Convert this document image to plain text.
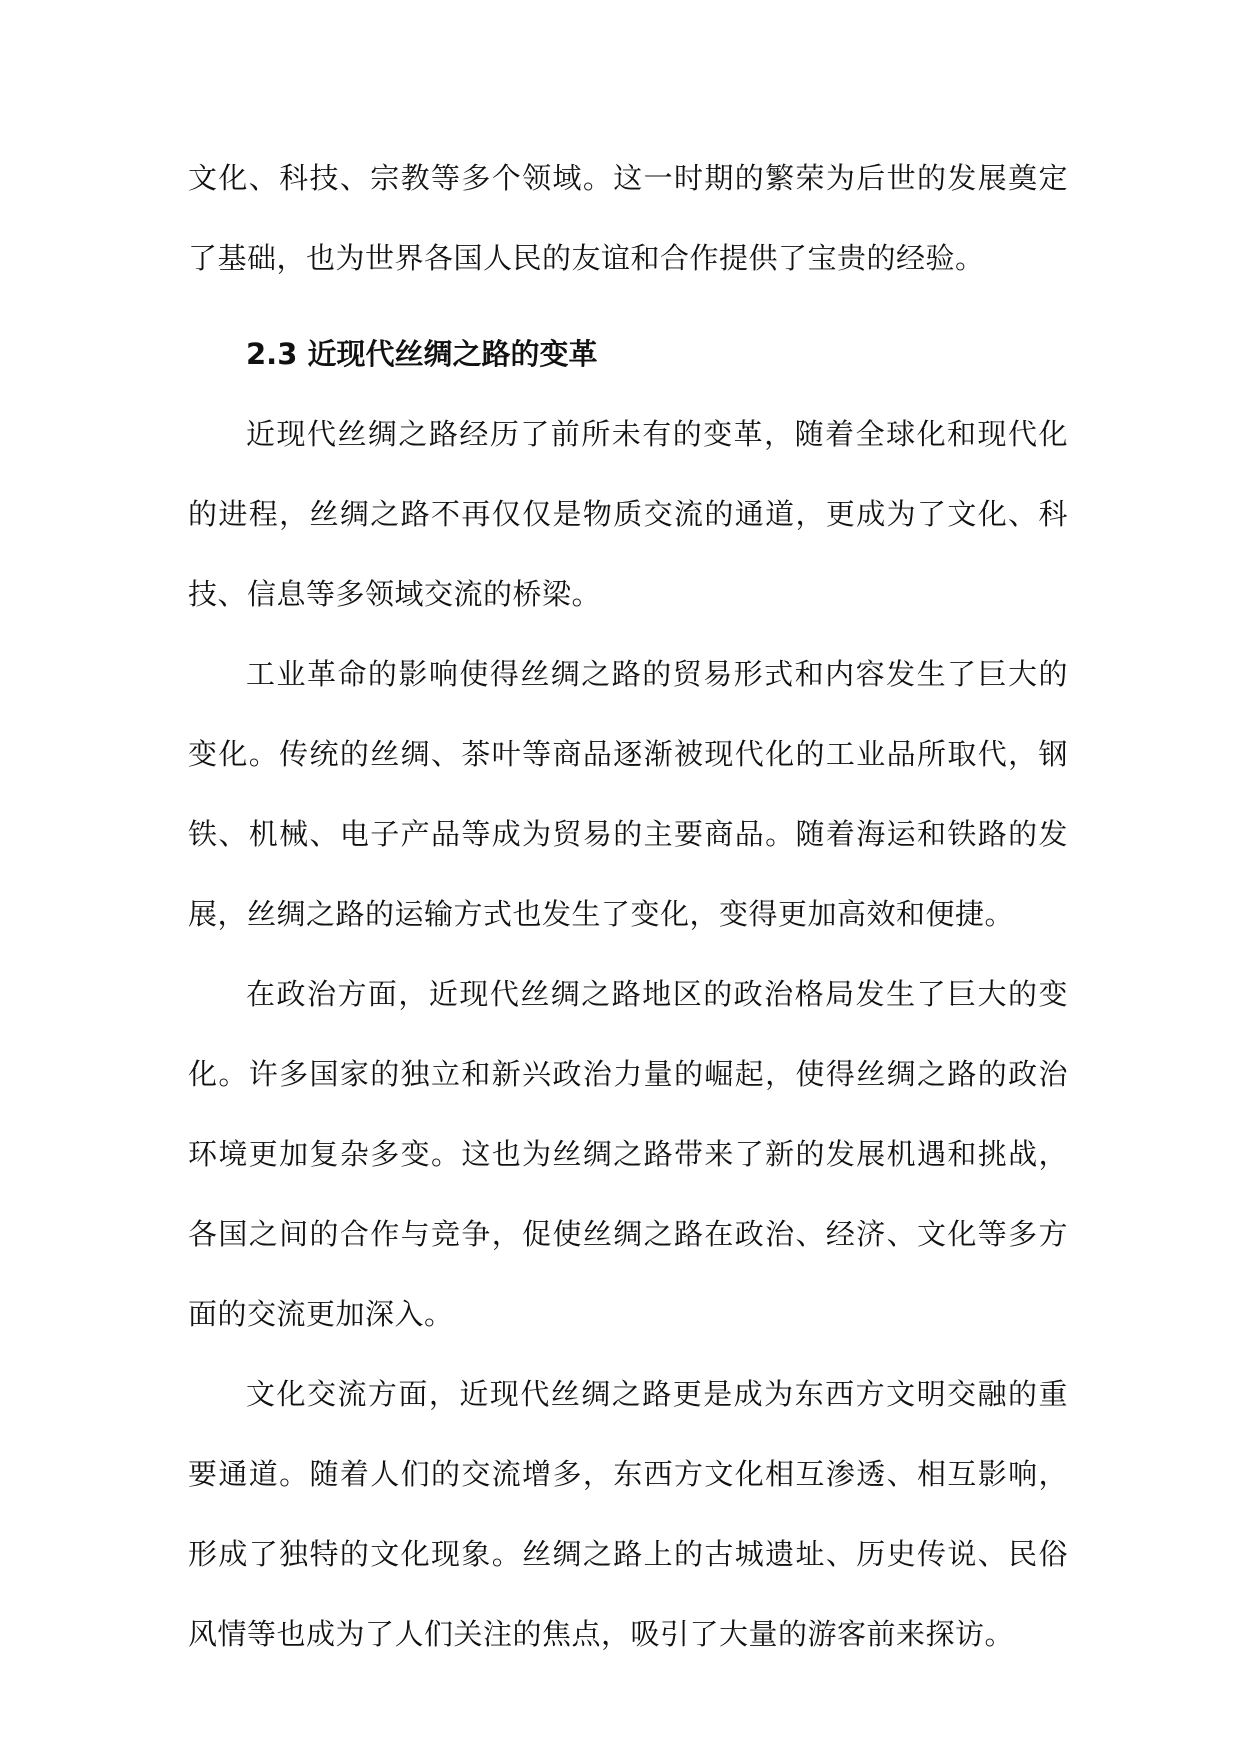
文化、科技、宗教等多个领域。这一时期的繁荣为后世的发展奠定了基础，也为世界各国人民的友谊和合作提供了宝贵的经验。

2.3 近现代丝绸之路的变革

近现代丝绸之路经历了前所未有的变革，随着全球化和现代化的进程，丝绸之路不再仅仅是物质交流的通道，更成为了文化、科技、信息等多领域交流的桥梁。

工业革命的影响使得丝绸之路的贸易形式和内容发生了巨大的变化。传统的丝绸、茶叶等商品逐渐被现代化的工业品所取代，钢铁、机械、电子产品等成为贸易的主要商品。随着海运和铁路的发展，丝绸之路的运输方式也发生了变化，变得更加高效和便捷。

在政治方面，近现代丝绸之路地区的政治格局发生了巨大的变化。许多国家的独立和新兴政治力量的崛起，使得丝绸之路的政治环境更加复杂多变。这也为丝绸之路带来了新的发展机遇和挑战，各国之间的合作与竞争，促使丝绸之路在政治、经济、文化等多方面的交流更加深入。

文化交流方面，近现代丝绸之路更是成为东西方文明交融的重要通道。随着人们的交流增多，东西方文化相互渗透、相互影响，形成了独特的文化现象。丝绸之路上的古城遗址、历史传说、民俗风情等也成为了人们关注的焦点，吸引了大量的游客前来探访。
